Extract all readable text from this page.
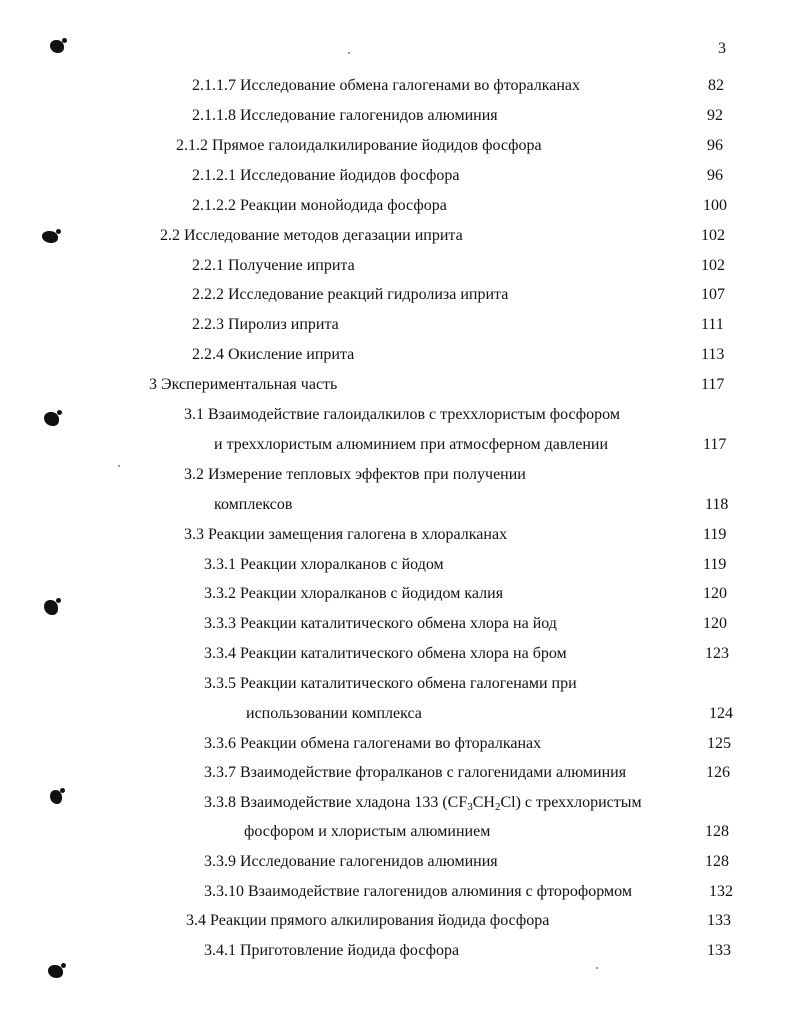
3
2.1.1.7 Исследование обмена галогенами во фторалканах	82
2.1.1.8 Исследование галогенидов алюминия	92
2.1.2 Прямое галоидалкилирование йодидов фосфора	96
2.1.2.1 Исследование йодидов фосфора	96
2.1.2.2 Реакции монойодида фосфора	100
2.2 Исследование методов дегазации иприта	102
2.2.1 Получение иприта	102
2.2.2 Исследование реакций гидролиза иприта	107
2.2.3 Пиролиз иприта	111
2.2.4 Окисление иприта	113
3 Экспериментальная часть	117
3.1 Взаимодействие галоидалкилов с треххлористым фосфором
и треххлористым алюминием при атмосферном давлении	117
3.2 Измерение тепловых эффектов при получении
комплексов	118
3.3 Реакции замещения галогена в хлоралканах	119
3.3.1 Реакции хлоралканов с йодом	119
3.3.2 Реакции хлоралканов с йодидом калия	120
3.3.3 Реакции каталитического обмена хлора на йод	120
3.3.4 Реакции каталитического обмена хлора на бром	123
3.3.5 Реакции каталитического обмена галогенами при
использовании комплекса	124
3.3.6 Реакции обмена галогенами во фторалканах	125
3.3.7 Взаимодействие фторалканов с галогенидами алюминия	126
3.3.8 Взаимодействие хладона 133 $(CF_3CH_2Cl)$ с треххлористым
фосфором и хлористым алюминием	128
3.3.9 Исследование галогенидов алюминия	128
3.3.10 Взаимодействие галогенидов алюминия с фтороформом	132
3.4 Реакции прямого алкилирования йодида фосфора	133
3.4.1 Приготовление йодида фосфора	133
